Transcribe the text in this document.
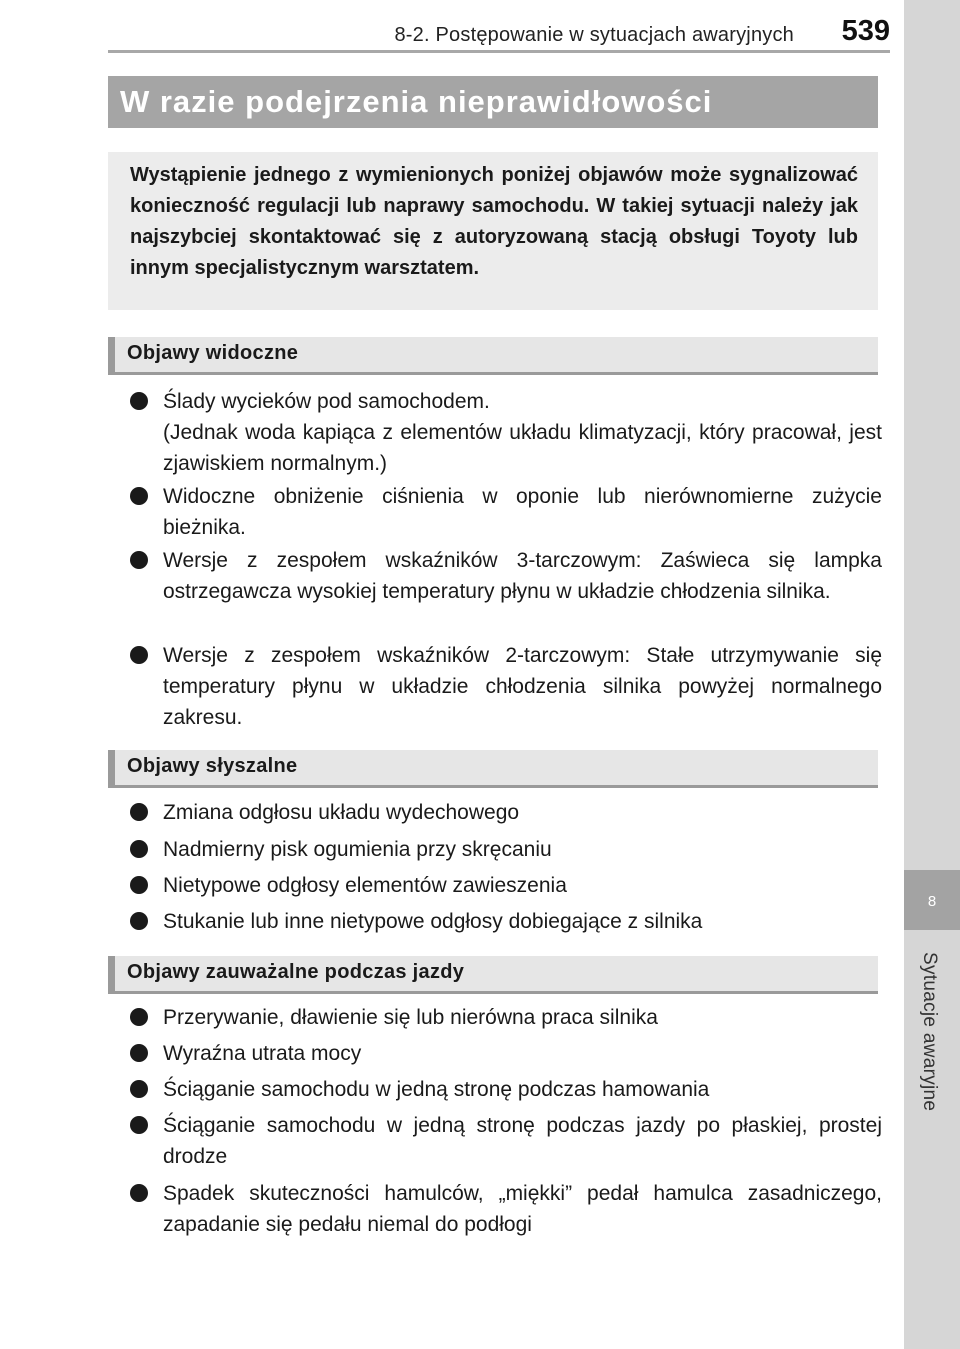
8-2. Postępowanie w sytuacjach awaryjnych 539
8
Sytuacje awaryjne
W razie podejrzenia nieprawidłowości

Wystąpienie jednego z wymienionych poniżej objawów może sygnalizować konieczność regulacji lub naprawy samochodu. W takiej sytuacji należy jak najszybciej skontaktować się z autoryzowaną stacją obsługi Toyoty lub innym specjalistycznym warsztatem.

Objawy widoczne
Ślady wycieków pod samochodem.
(Jednak woda kapiąca z elementów układu klimatyzacji, który pracował, jest zjawiskiem normalnym.)
Widoczne obniżenie ciśnienia w oponie lub nierównomierne zużycie bieżnika.
Wersje z zespołem wskaźników 3-tarczowym: Zaświeca się lampka ostrzegawcza wysokiej temperatury płynu w układzie chłodzenia silnika.
Wersje z zespołem wskaźników 2-tarczowym: Stałe utrzymywanie się temperatury płynu w układzie chłodzenia silnika powyżej normalnego zakresu.
Objawy słyszalne
Zmiana odgłosu układu wydechowego
Nadmierny pisk ogumienia przy skręcaniu
Nietypowe odgłosy elementów zawieszenia
Stukanie lub inne nietypowe odgłosy dobiegające z silnika
Objawy zauważalne podczas jazdy
Przerywanie, dławienie się lub nierówna praca silnika
Wyraźna utrata mocy
Ściąganie samochodu w jedną stronę podczas hamowania
Ściąganie samochodu w jedną stronę podczas jazdy po płaskiej, prostej drodze
Spadek skuteczności hamulców, „miękki” pedał hamulca zasadniczego, zapadanie się pedału niemal do podłogi
